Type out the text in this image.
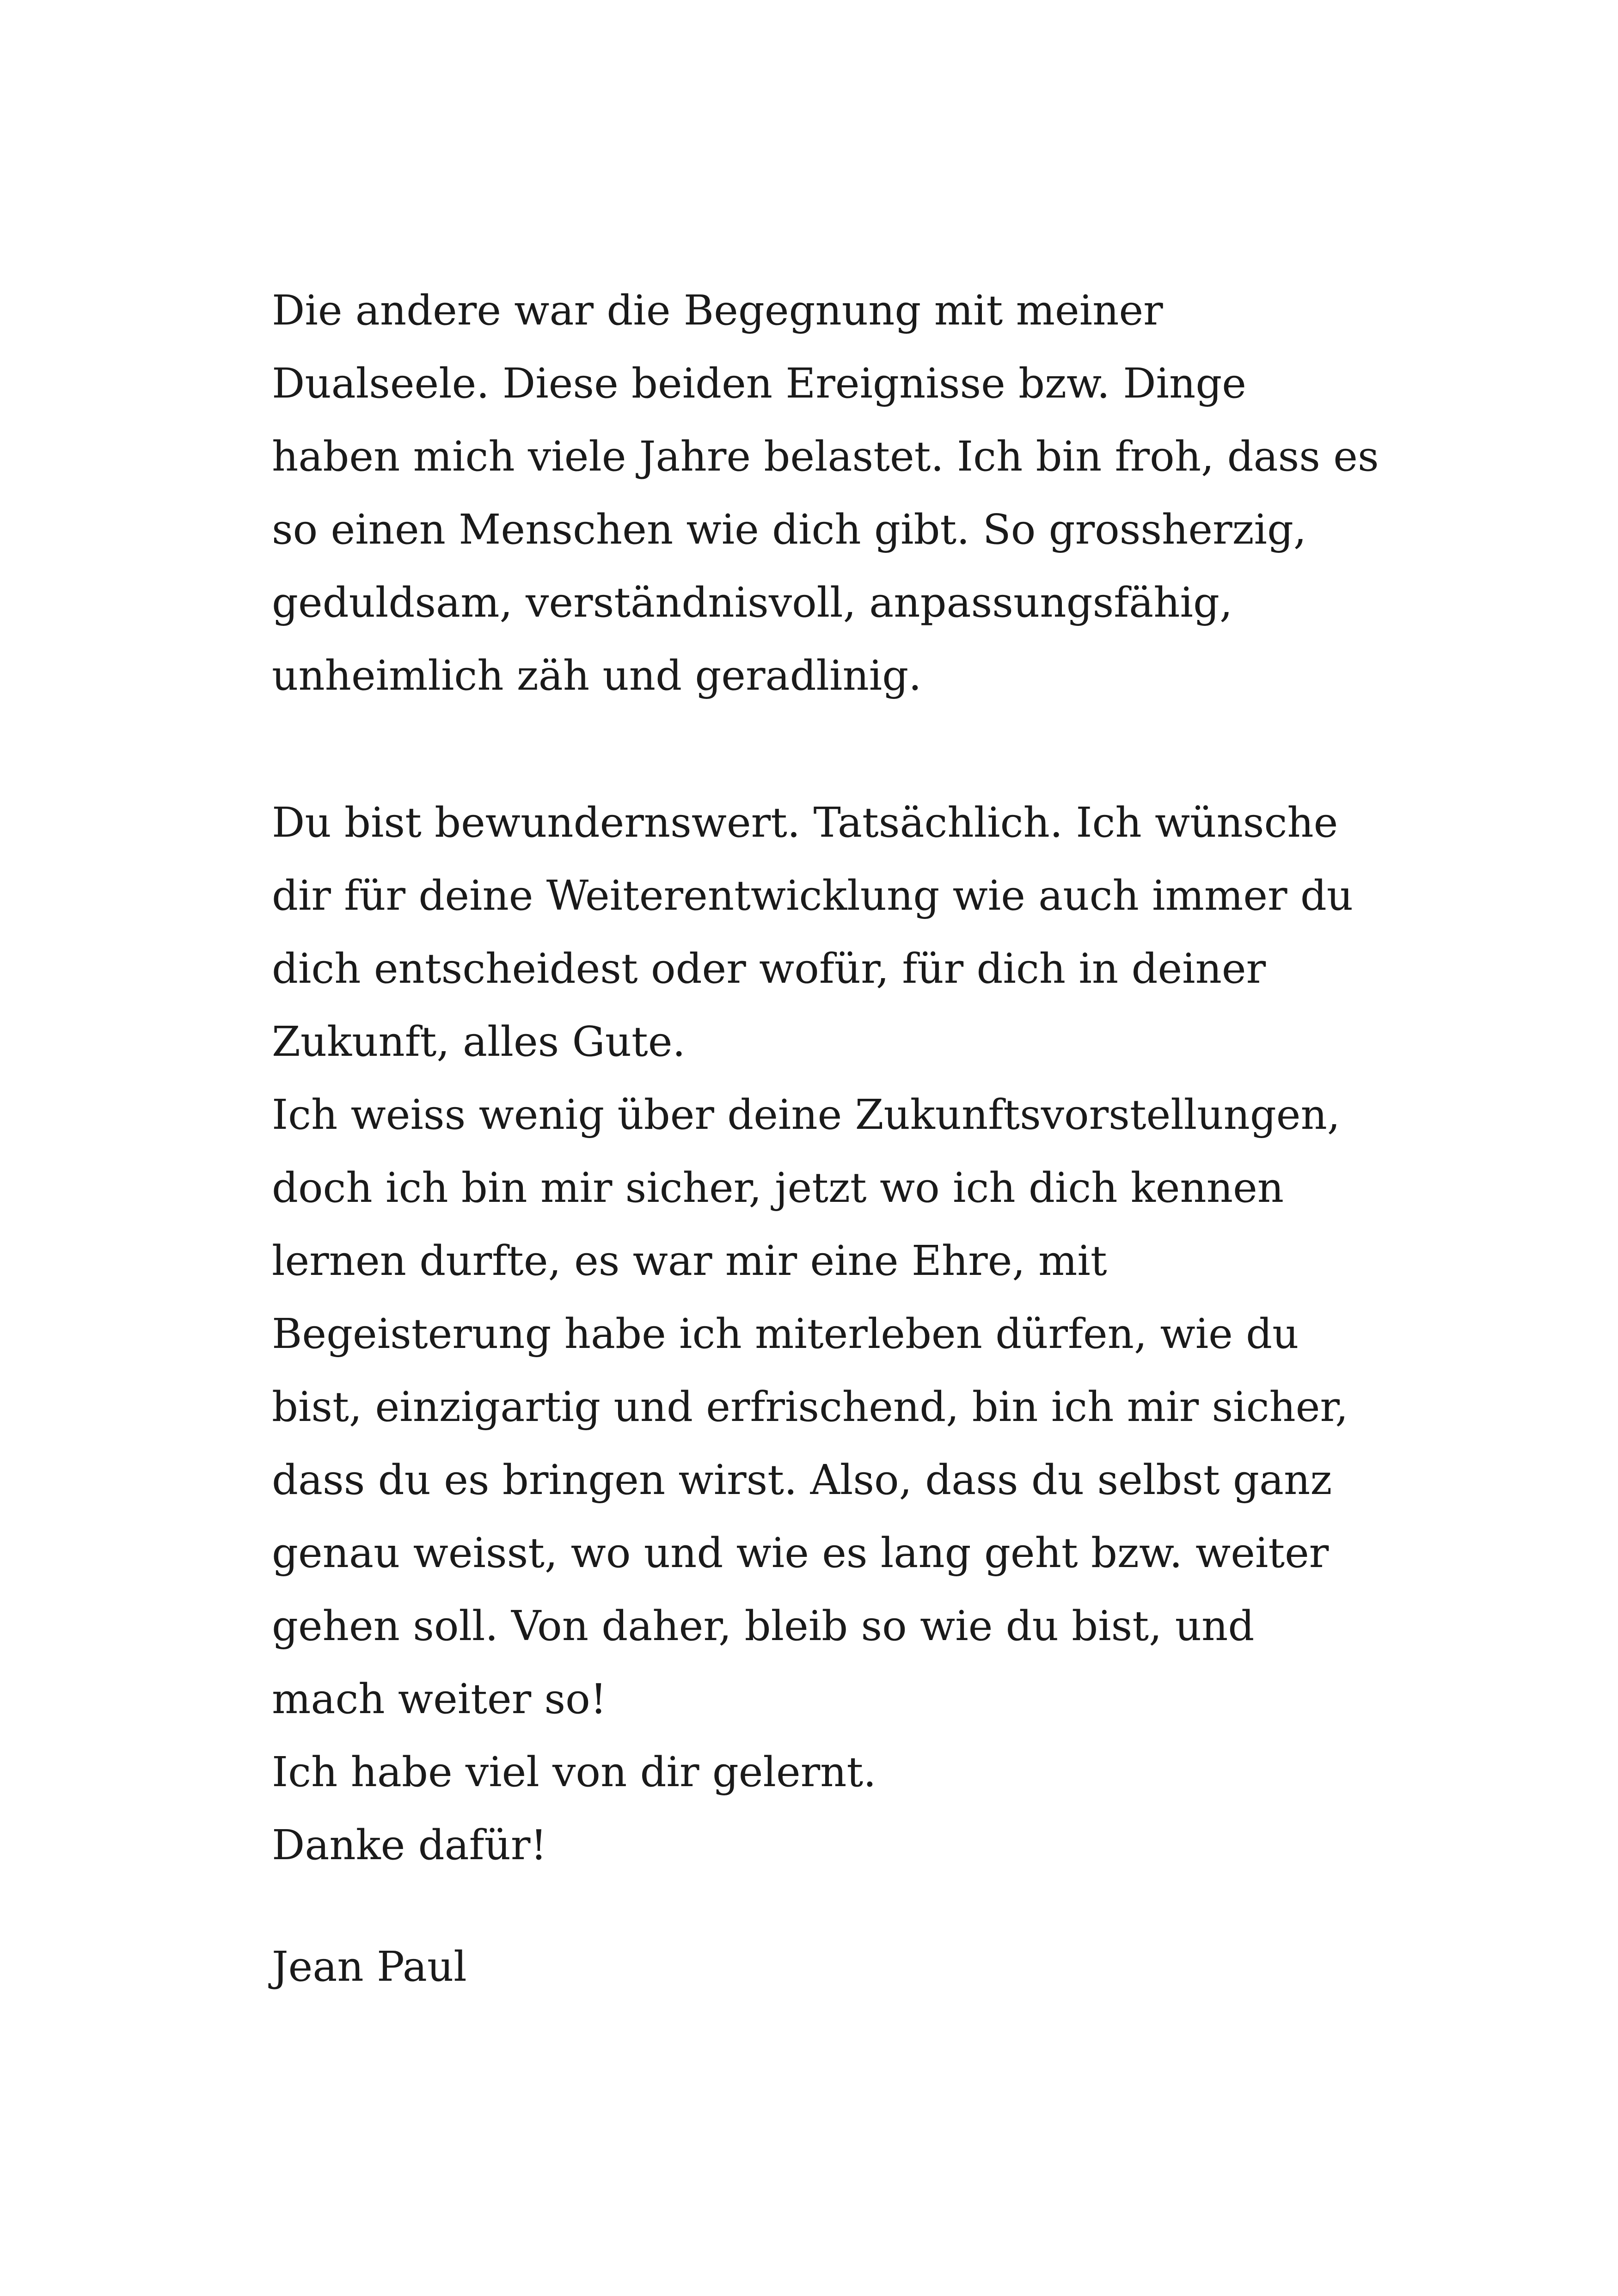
Die andere war die Begegnung mit meiner
Dualseele. Diese beiden Ereignisse bzw. Dinge
haben mich viele Jahre belastet. Ich bin froh, dass es
so einen Menschen wie dich gibt. So grossherzig,
geduldsam, verständnisvoll, anpassungsfähig,
unheimlich zäh und geradlinig.
Du bist bewundernswert. Tatsächlich. Ich wünsche
dir für deine Weiterentwicklung wie auch immer du
dich entscheidest oder wofür, für dich in deiner
Zukunft, alles Gute.
Ich weiss wenig über deine Zukunftsvorstellungen,
doch ich bin mir sicher, jetzt wo ich dich kennen
lernen durfte, es war mir eine Ehre, mit
Begeisterung habe ich miterleben dürfen, wie du
bist, einzigartig und erfrischend, bin ich mir sicher,
dass du es bringen wirst. Also, dass du selbst ganz
genau weisst, wo und wie es lang geht bzw. weiter
gehen soll. Von daher, bleib so wie du bist, und
mach weiter so!
Ich habe viel von dir gelernt.
Danke dafür!
Jean Paul
